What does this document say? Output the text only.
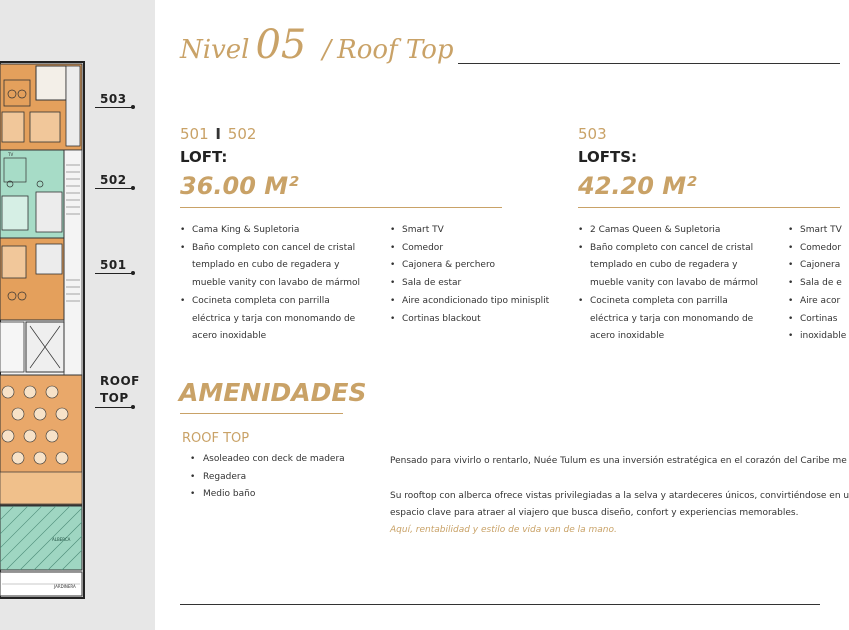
ALBERCA
JARDINERA
TV
503
502
501
ROOF
TOP
Nivel 05 / Roof Top
501 I 502
LOFT:
36.00 M²
• Cama King & Supletoria
• Baño completo con cancel de cristal
templado en cubo de regadera y
mueble vanity con lavabo de mármol
• Cocineta completa con parrilla
eléctrica y tarja con monomando de
acero inoxidable
• Smart TV
• Comedor
• Cajonera & perchero
• Sala de estar
• Aire acondicionado tipo minisplit
• Cortinas blackout
503
LOFTS:
42.20 M²
• 2 Camas Queen & Supletoria
• Baño completo con cancel de cristal
templado en cubo de regadera y
mueble vanity con lavabo de mármol
• Cocineta completa con parrilla
eléctrica y tarja con monomando de
acero inoxidable
• Smart TV
• Comedor
• Cajonera
• Sala de e
• Aire acor
• Cortinas
• inoxidable
AMENIDADES
ROOF TOP
• Asoleadeo con deck de madera
• Regadera
• Medio baño
Pensado para vivirlo o rentarlo, Nuée Tulum es una inversión estratégica en el corazón del Caribe me
Su rooftop con alberca ofrece vistas privilegiadas a la selva y atardeceres únicos, convirtiéndose en u
espacio clave para atraer al viajero que busca diseño, confort y experiencias memorables.
Aquí, rentabilidad y estilo de vida van de la mano.
